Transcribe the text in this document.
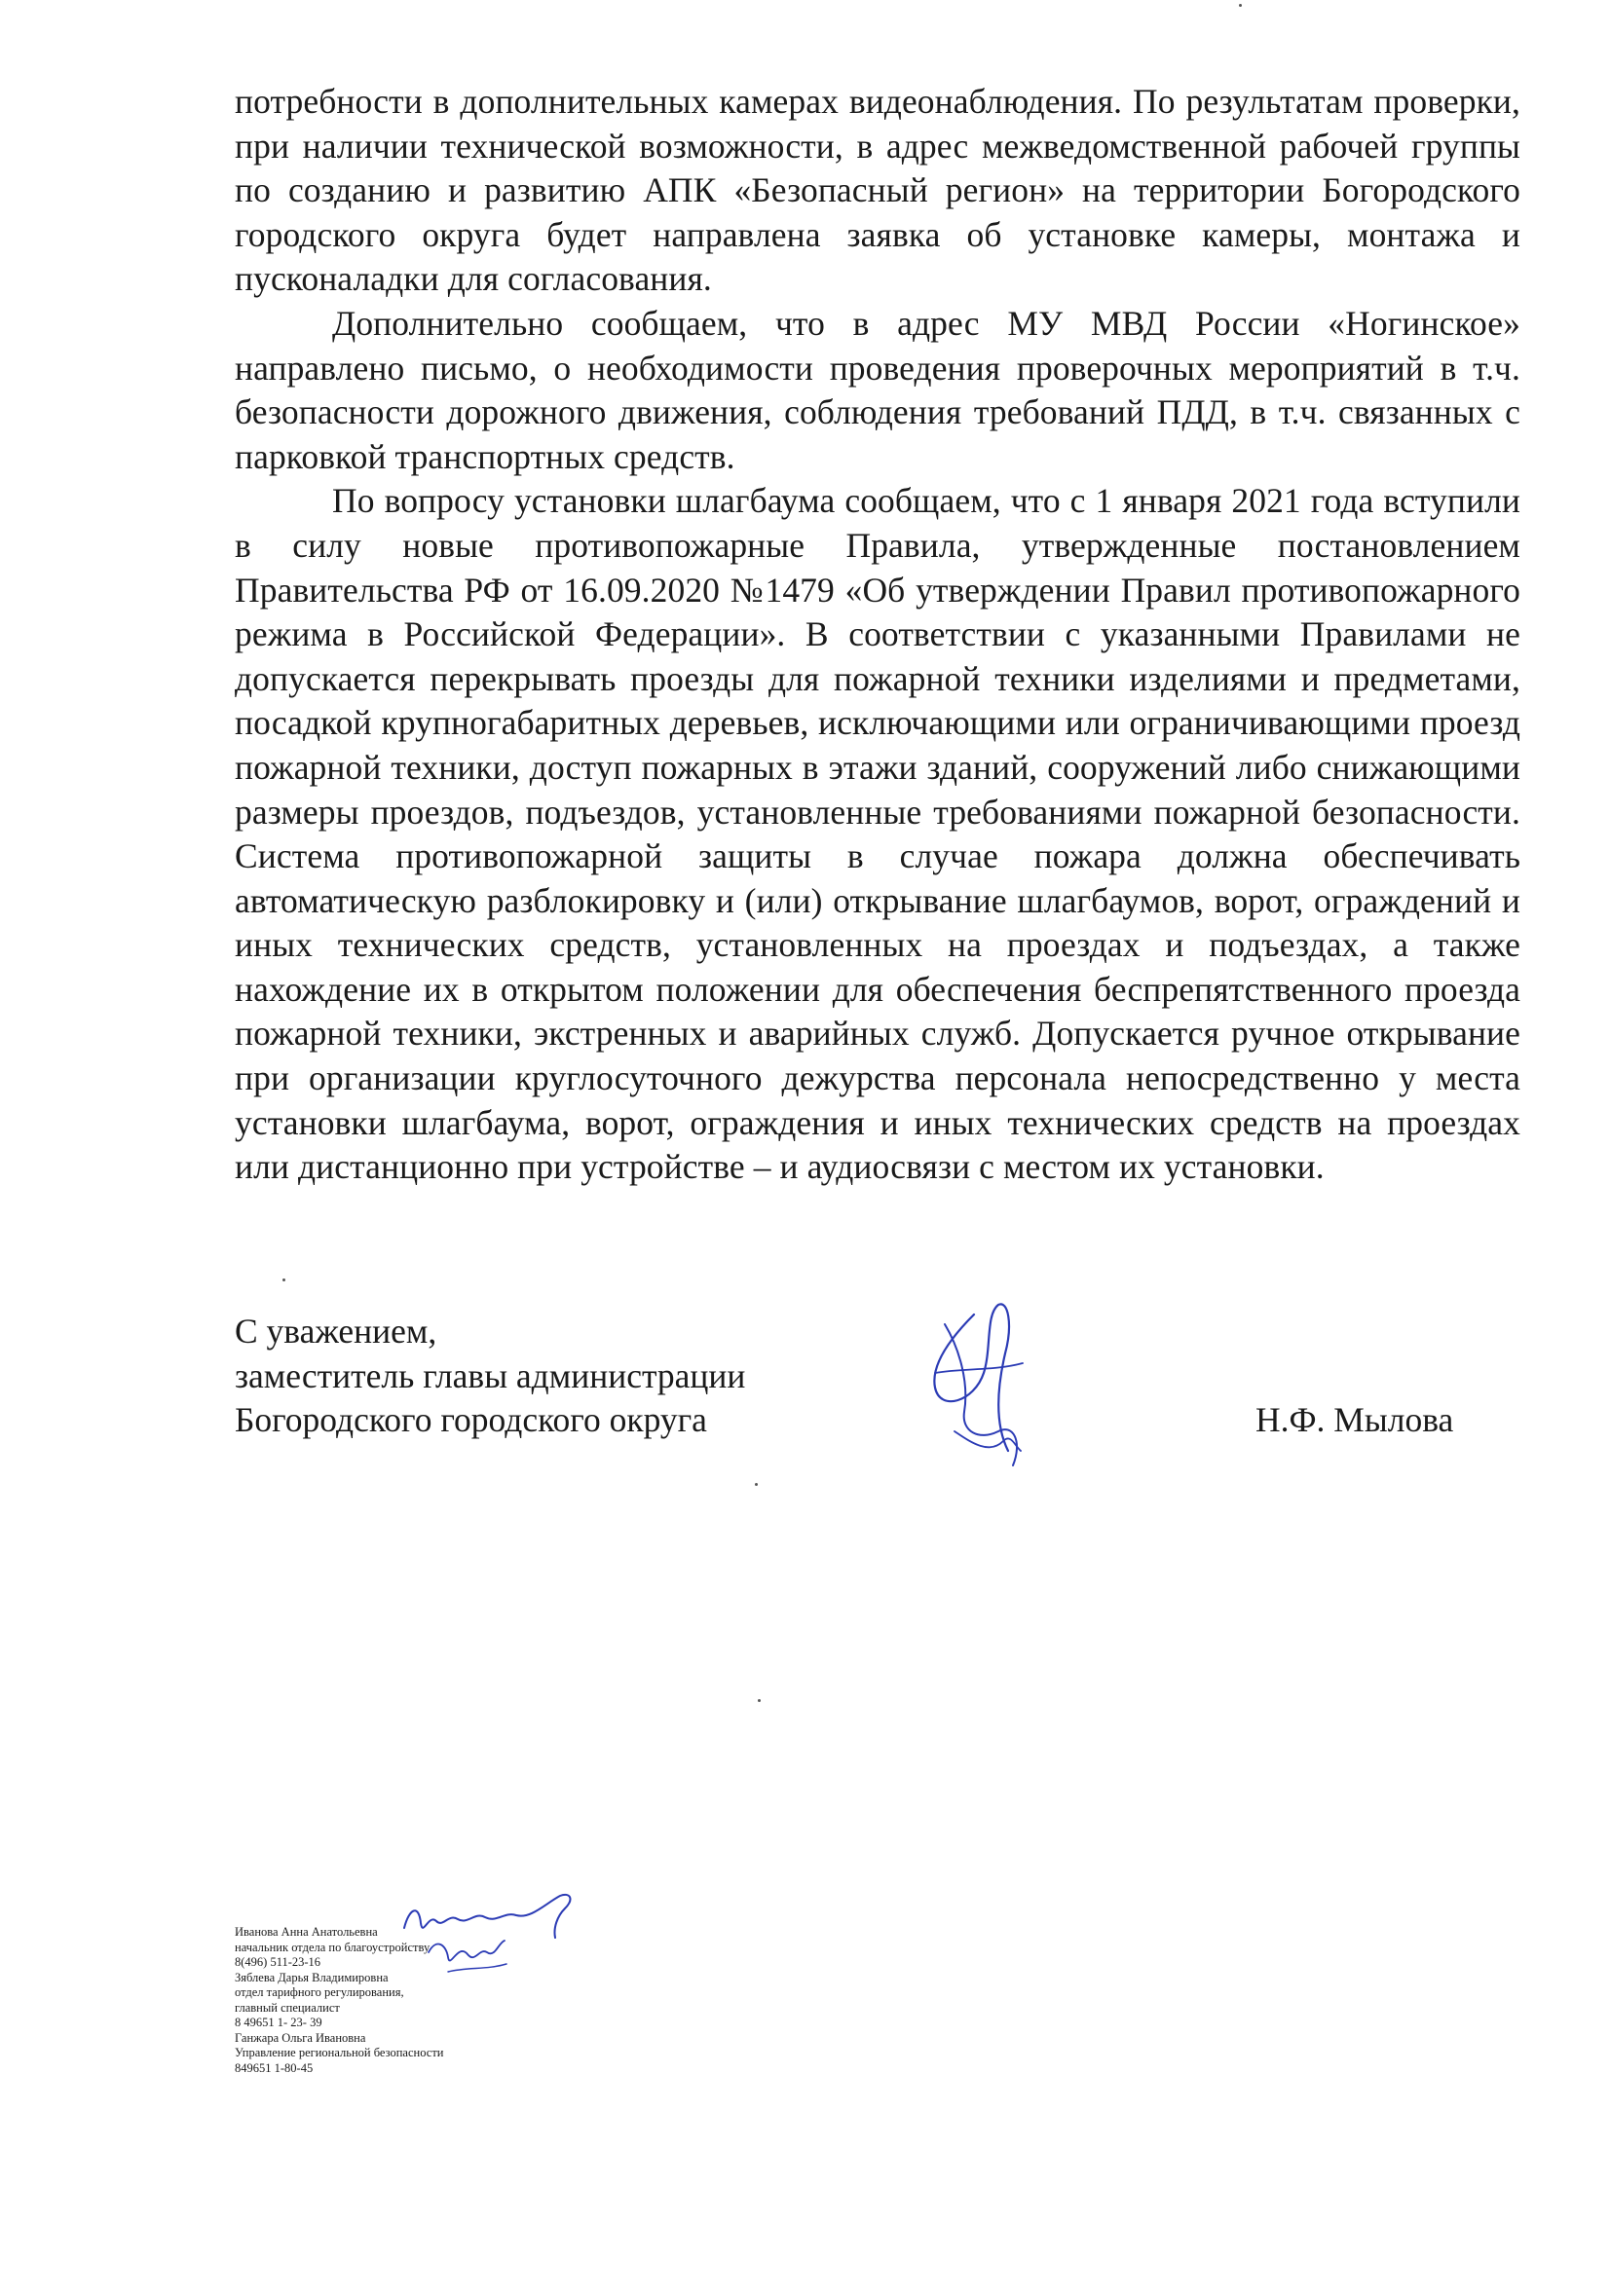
потребности в дополнительных камерах видеонаблюдения. По результатам проверки, при наличии технической возможности, в адрес межведомственной рабочей группы по созданию и развитию АПК «Безопасный регион» на территории Богородского городского округа будет направлена заявка об установке камеры, монтажа и пусконаладки для согласования.

Дополнительно сообщаем, что в адрес МУ МВД России «Ногинское» направлено письмо, о необходимости проведения проверочных мероприятий в т.ч. безопасности дорожного движения, соблюдения требований ПДД, в т.ч. связанных с парковкой транспортных средств.

По вопросу установки шлагбаума сообщаем, что с 1 января 2021 года вступили в силу новые противопожарные Правила, утвержденные постановлением Правительства РФ от 16.09.2020 №1479 «Об утверждении Правил противопожарного режима в Российской Федерации». В соответствии с указанными Правилами не допускается перекрывать проезды для пожарной техники изделиями и предметами, посадкой крупногабаритных деревьев, исключающими или ограничивающими проезд пожарной техники, доступ пожарных в этажи зданий, сооружений либо снижающими размеры проездов, подъездов, установленные требованиями пожарной безопасности. Система противопожарной защиты в случае пожара должна обеспечивать автоматическую разблокировку и (или) открывание шлагбаумов, ворот, ограждений и иных технических средств, установленных на проездах и подъездах, а также нахождение их в открытом положении для обеспечения беспрепятственного проезда пожарной техники, экстренных и аварийных служб. Допускается ручное открывание при организации круглосуточного дежурства персонала непосредственно у места установки шлагбаума, ворот, ограждения и иных технических средств на проездах или дистанционно при устройстве – и аудиосвязи с местом их установки.

С уважением,
заместитель главы администрации
Богородского городского округа	Н.Ф. Мылова
Иванова Анна Анатольевна
начальник отдела по благоустройству
8(496) 511-23-16
Зяблева Дарья Владимировна
отдел тарифного регулирования,
главный специалист
8 49651 1- 23- 39
Ганжара Ольга Ивановна
Управление региональной безопасности
849651 1-80-45
